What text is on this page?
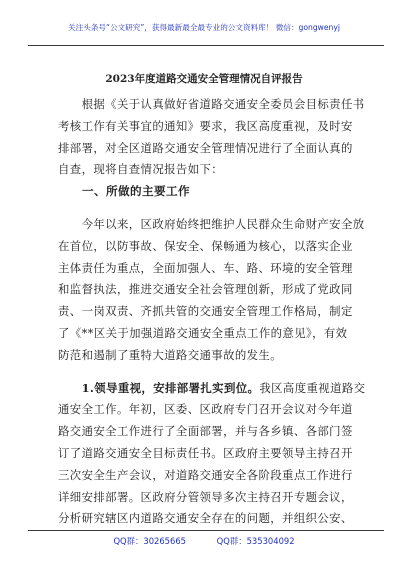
关注头条号“公文研究”，获得最新最全最专业的公文资料库！ 微信：gongwenyj
2023年度道路交通安全管理情况自评报告
　　根据《关于认真做好省道路交通安全委员会目标责任书
考核工作有关事宜的通知》要求，我区高度重视，及时安
排部署，对全区道路交通安全管理情况进行了全面认真的
自查，现将自查情况报告如下：
　　一、所做的主要工作
　　今年以来，区政府始终把维护人民群众生命财产安全放
在首位，以防事故、保安全、保畅通为核心，以落实企业
主体责任为重点，全面加强人、车、路、环境的安全管理
和监督执法，推进交通安全社会管理创新，形成了党政同
责、一岗双责、齐抓共管的交通安全管理工作格局，制定
了《**区关于加强道路交通安全重点工作的意见》，有效
防范和遏制了重特大道路交通事故的发生。
　　1.领导重视，安排部署扎实到位。我区高度重视道路交
通安全工作。年初，区委、区政府专门召开会议对今年道
路交通安全工作进行了全面部署，并与各乡镇、各部门签
订了道路交通安全目标责任书。区政府主要领导主持召开
三次安全生产会议，对道路交通安全各阶段重点工作进行
详细安排部署。区政府分管领导多次主持召开专题会议，
分析研究辖区内道路交通安全存在的问题，并组织公安、
QQ群：30265665	QQ群：535304092
